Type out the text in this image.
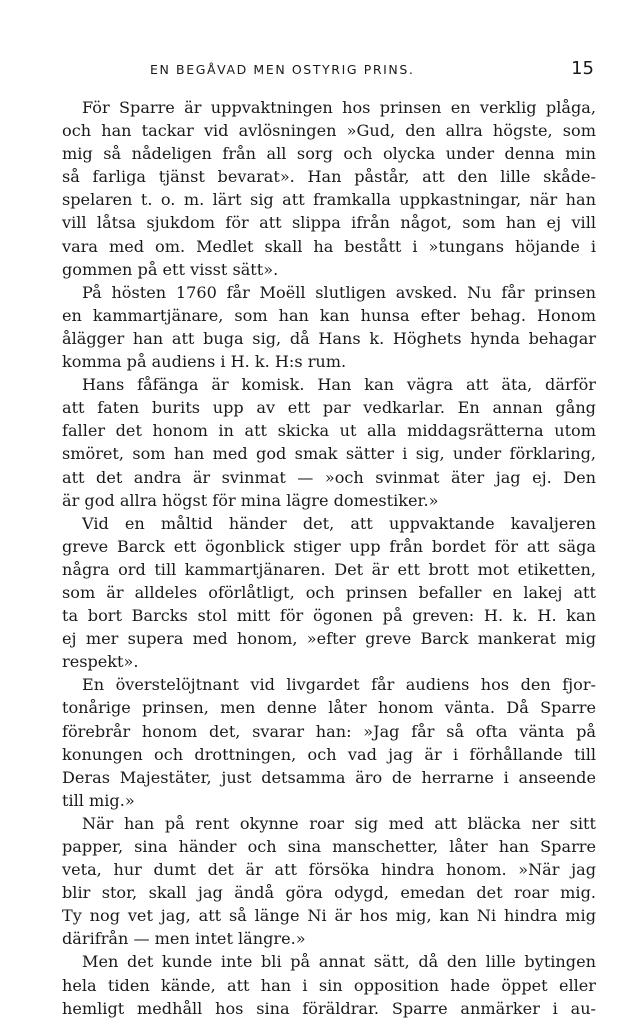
EN BEGÅVAD MEN OSTYRIG PRINS.	15
För Sparre är uppvaktningen hos prinsen en verklig plåga,
och han tackar vid avlösningen »Gud, den allra högste, som
mig så nådeligen från all sorg och olycka under denna min
så farliga tjänst bevarat». Han påstår, att den lille skåde-
spelaren t. o. m. lärt sig att framkalla uppkastningar, när han
vill låtsa sjukdom för att slippa ifrån något, som han ej vill
vara med om. Medlet skall ha bestått i »tungans höjande i
gommen på ett visst sätt».
På hösten 1760 får Moëll slutligen avsked. Nu får prinsen
en kammartjänare, som han kan hunsa efter behag. Honom
ålägger han att buga sig, då Hans k. Höghets hynda behagar
komma på audiens i H. k. H:s rum.
Hans fåfänga är komisk. Han kan vägra att äta, därför
att faten burits upp av ett par vedkarlar. En annan gång
faller det honom in att skicka ut alla middagsrätterna utom
smöret, som han med god smak sätter i sig, under förklaring,
att det andra är svinmat — »och svinmat äter jag ej. Den
är god allra högst för mina lägre domestiker.»
Vid en måltid händer det, att uppvaktande kavaljeren
greve Barck ett ögonblick stiger upp från bordet för att säga
några ord till kammartjänaren. Det är ett brott mot etiketten,
som är alldeles oförlåtligt, och prinsen befaller en lakej att
ta bort Barcks stol mitt för ögonen på greven: H. k. H. kan
ej mer supera med honom, »efter greve Barck mankerat mig
respekt».
En överstelöjtnant vid livgardet får audiens hos den fjor-
tonårige prinsen, men denne låter honom vänta. Då Sparre
förebrår honom det, svarar han: »Jag får så ofta vänta på
konungen och drottningen, och vad jag är i förhållande till
Deras Majestäter, just detsamma äro de herrarne i anseende
till mig.»
När han på rent okynne roar sig med att bläcka ner sitt
papper, sina händer och sina manschetter, låter han Sparre
veta, hur dumt det är att försöka hindra honom. »När jag
blir stor, skall jag ändå göra odygd, emedan det roar mig.
Ty nog vet jag, att så länge Ni är hos mig, kan Ni hindra mig
därifrån — men intet längre.»
Men det kunde inte bli på annat sätt, då den lille bytingen
hela tiden kände, att han i sin opposition hade öppet eller
hemligt medhåll hos sina föräldrar. Sparre anmärker i au-
